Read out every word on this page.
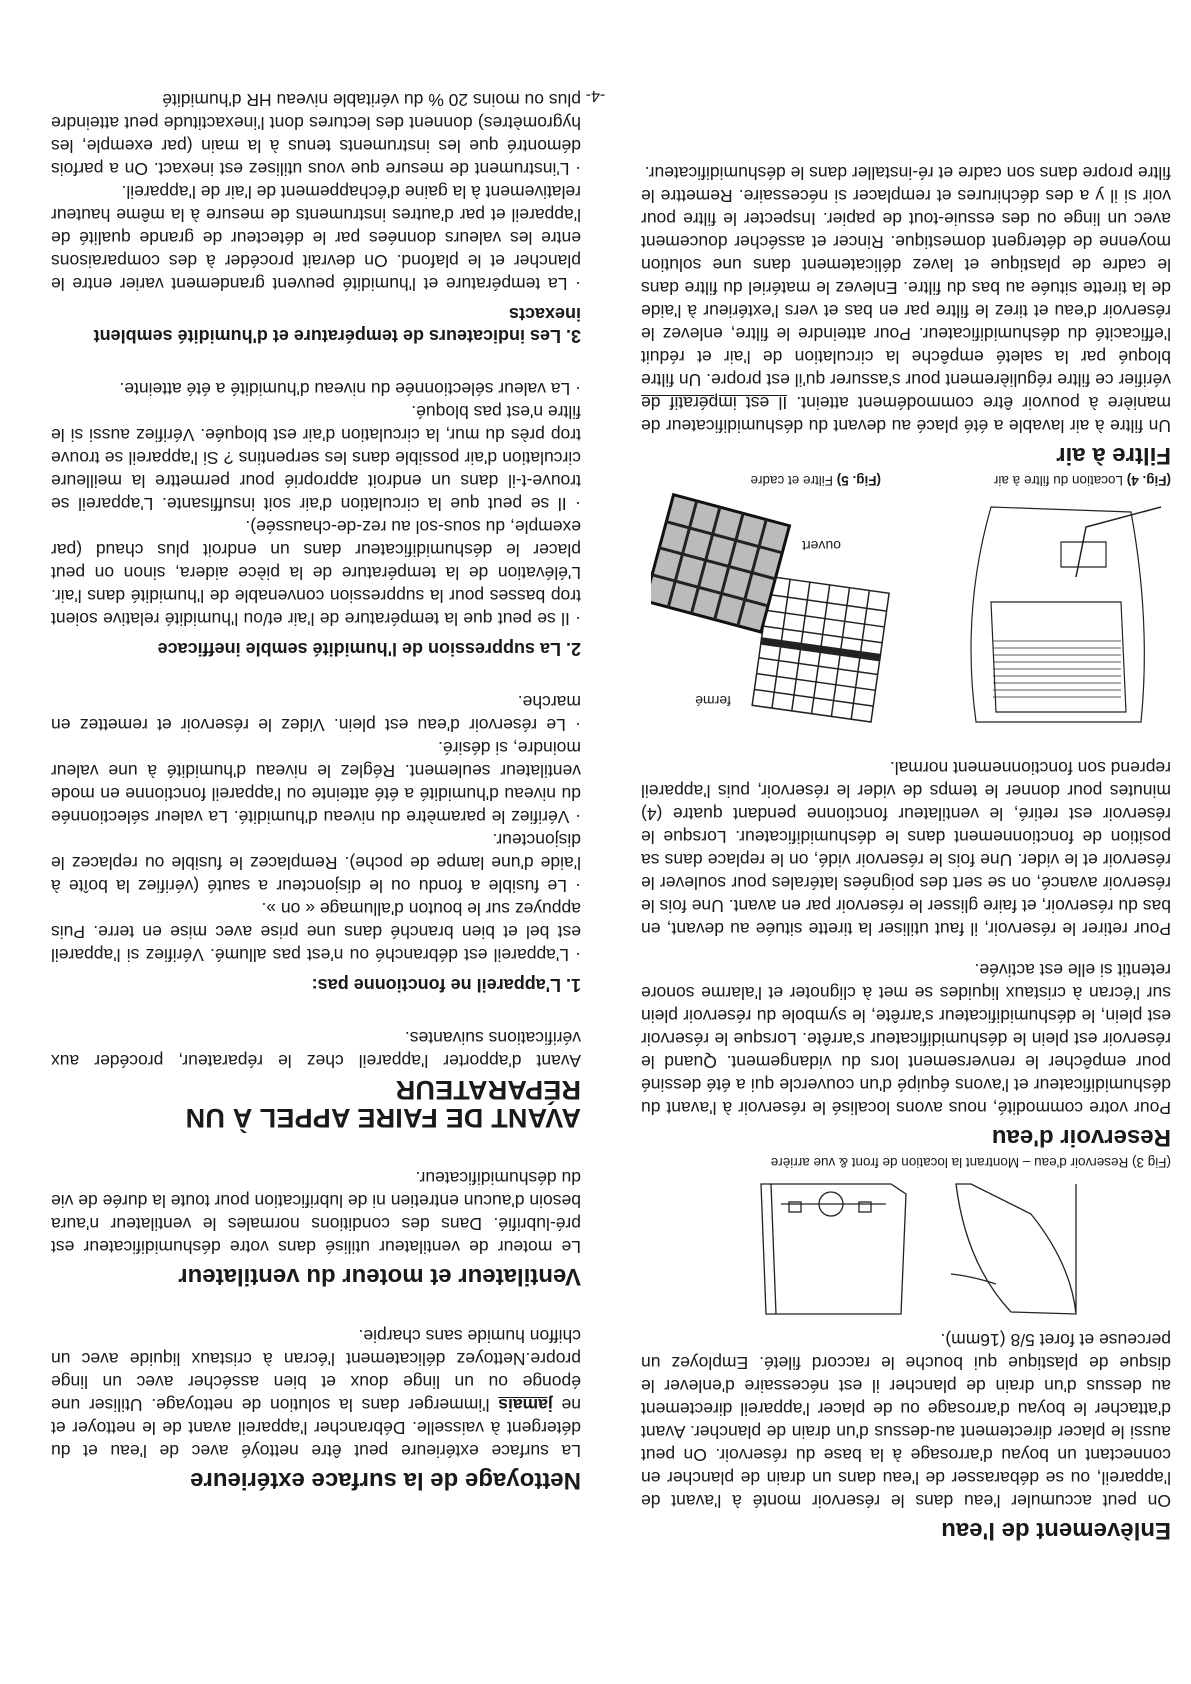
Enlèvement de l'eau

On peut accumuler l'eau dans le réservoir monté à l'avant de l'appareil, ou se débarasser de l'eau dans un drain de plancher en connectant un boyau d'arrosage à la base du réservoir. On peut aussi le placer directement au-dessus d'un drain de plancher. Avant d'attacher le boyau d'arrosage ou de placer l'appareil directement au dessus d'un drain de plancher il est nécessaire d'enlever le disque de plastique qui bouche le raccord fileté. Employez un perceuse et foret 5/8 (16mm).

(Fig 3) Reservoir d'eau – Montrant la location de front & vue arrière

Reservoir d'eau

Pour votre commodité, nous avons localisé le réservoir à l'avant du déshumidificateur et l'avons équipé d'un couvercle qui a été dessiné pour empêcher le renversement lors du vidangement. Quand le réservoir est plein le déshumidificateur s'arrête. Lorsque le réservoir est plein, le déshumidificateur s'arrête, le symbole du réservoir plein sur l'écran à cristaux liquides se met à clignoter et l'alarme sonore retentit si elle est activée.

Pour retirer le réservoir, il faut utiliser la tirette située au devant, en bas du réservoir, et faire glisser le réservoir par en avant. Une fois le réservoir avancé, on se sert des poignées latérales pour soulever le réservoir et le vider. Une fois le réservoir vidé, on le replace dans sa position de fonctionnement dans le déshumidificateur. Lorsque le réservoir est retiré, le ventilateur fonctionne pendant quatre (4) minutes pour donner le temps de vider le réservoir, puis l'appareil reprend son fonctionnement normal.

ouvert
fermé

(Fig. 4) Location du filtre à air
(Fig. 5) Filtre et cadre

Filtre à air

Un filtre à air lavable a été placé au devant du déshumidificateur de manière à pouvoir être commodément atteint. Il est impératif de vérifier ce filtre régulièrement pour s'assurer qu'il est propre. Un filtre bloqué par la saleté empêche la circulation de l'air et réduit l'efficacité du déshumidificateur. Pour atteindre le filtre, enlevez le réservoir d'eau et tirez le filtre par en bas et vers l'extérieur à l'aide de la tirette située au bas du filtre. Enlevez le matériel du filtre dans le cadre de plastique et lavez délicatement dans une solution moyenne de détergent domestique. Rincer et assécher doucement avec un linge ou des essuie-tout de papier. Inspecter le filtre pour voir si il y a des déchirures et remplacer si nécessaire. Remettre le filtre propre dans son cadre et ré-installer dans le déshumidificateur.

Nettoyage de la surface extérieure

La surface extérieure peut être nettoyé avec de l'eau et du détergent à vaisselle. Débrancher l'appareil avant de le nettoyer et ne jamais l'immerger dans la solution de nettoyage. Utiliser une éponge ou un linge doux et bien assécher avec un linge propre.Nettoyez délicatement l'écran à cristaux liquide avec un chiffon humide sans charpie.

Ventilateur et moteur du ventilateur

Le moteur de ventilateur utilisé dans votre déshumidificateur est pré-lubrifié. Dans des conditions normales le ventilateur n'aura besoin d'aucun entretien ni de lubrification pour toute la durée de vie du déshumidificateur.

AVANT DE FAIRE APPEL À UN RÉPARATEUR

Avant d'apporter l'appareil chez le réparateur, procéder aux vérifications suivantes.

1. L'appareil ne fonctionne pas:

· L'appareil est débranché ou n'est pas allumé. Vérifiez si l'appareil est bel et bien branché dans une prise avec mise en terre. Puis appuyez sur le bouton d'allumage « on ».

· Le fusible a fondu ou le disjoncteur a sauté (vérifiez la boîte à l'aide d'une lampe de poche). Remplacez le fusible ou replacez le disjoncteur.

· Vérifiez le paramètre du niveau d'humidité. La valeur sélectionnée du niveau d'humidité a été atteinte ou l'appareil fonctionne en mode ventilateur seulement. Réglez le niveau d'humidité à une valeur moindre, si désiré.

· Le réservoir d'eau est plein. Videz le réservoir et remettez en marche.

2. La suppression de l'humidité semble inefficace

· Il se peut que la température de l'air et/ou l'humidité relative soient trop basses pour la suppression convenable de l'humidité dans l'air. L'élévation de la température de la pièce aidera, sinon on peut placer le déshumidificateur dans un endroit plus chaud (par exemple, du sous-sol au rez-de-chaussée).

· Il se peut que la circulation d'air soit insuffisante. L'appareil se trouve-t-il dans un endroit approprié pour permettre la meilleure circulation d'air possible dans les serpentins ? Si l'appareil se trouve trop près du mur, la circulation d'air est bloquée. Vérifiez aussi si le filtre n'est pas bloqué.

· La valeur sélectionnée du niveau d'humidité a été atteinte.

3. Les indicateurs de température et d'humidité semblent inexacts

· La température et l'humidité peuvent grandement varier entre le plancher et le plafond. On devrait procéder à des comparaisons entre les valeurs données par le détecteur de grande qualité de l'appareil et par d'autres instruments de mesure à la même hauteur relativement à la gaine d'échappement de l'air de l'appareil.

· L'instrument de mesure que vous utilisez est inexact. On a parfois démontré que les instruments tenus à la main (par exemple, les hygromètres) donnent des lectures dont l'inexactitude peut atteindre plus ou moins 20 % du véritable niveau HR d'humidité -4-
